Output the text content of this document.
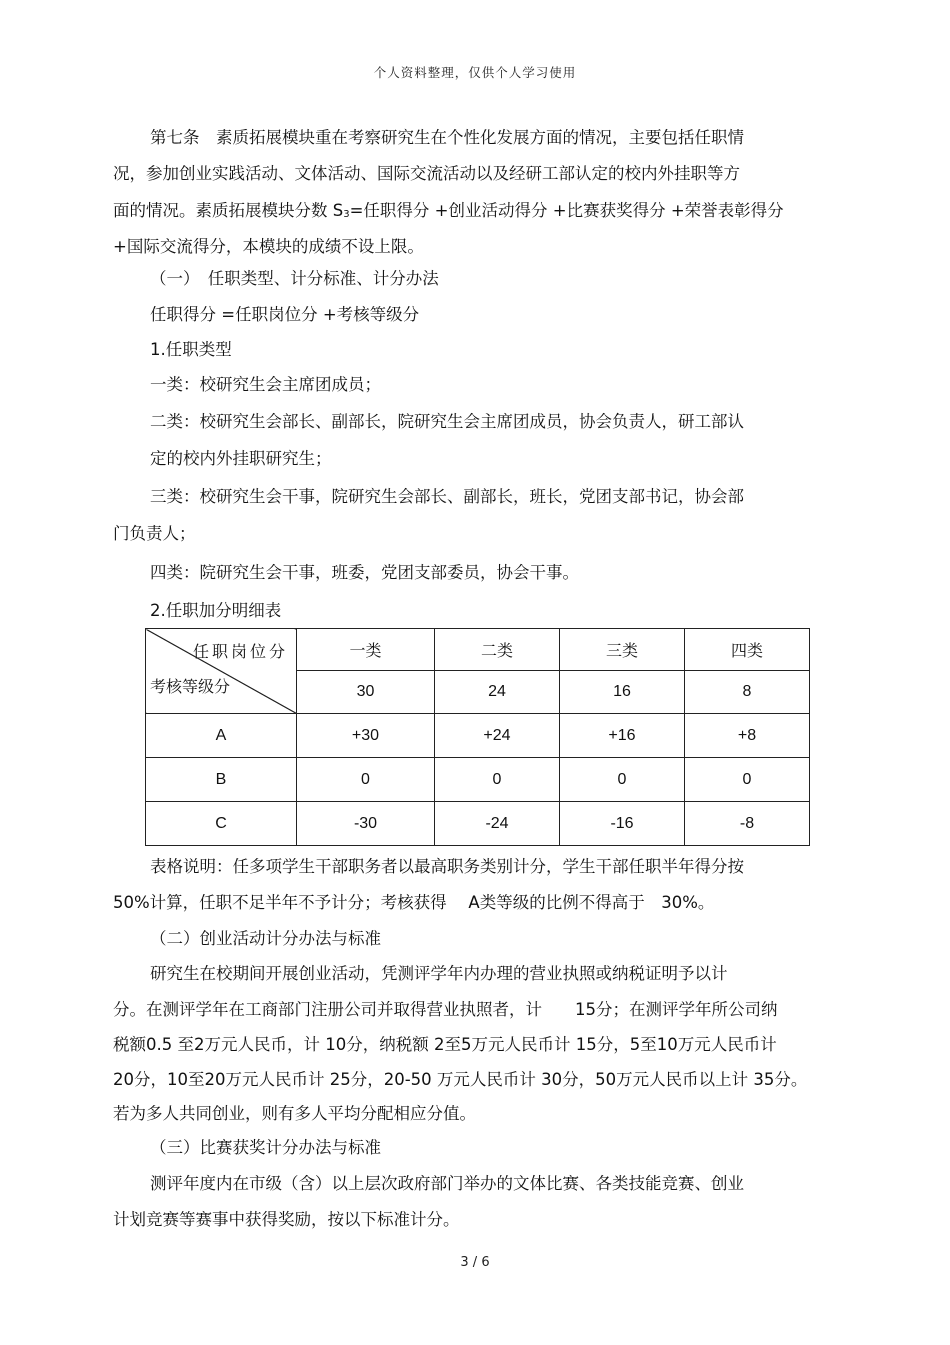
个人资料整理，仅供个人学习使用
第七条　素质拓展模块重在考察研究生在个性化发展方面的情况，主要包括任职情
况，参加创业实践活动、文体活动、国际交流活动以及经研工部认定的校内外挂职等方
面的情况。素质拓展模块分数 $S_3=$任职得分 +创业活动得分 +比赛获奖得分 +荣誉表彰得分
+国际交流得分，本模块的成绩不设上限。
（一）　任职类型、计分标准、计分办法
任职得分 =任职岗位分 +考核等级分
1.任职类型
一类：校研究生会主席团成员；
二类：校研究生会部长、副部长，院研究生会主席团成员，协会负责人，研工部认
定的校内外挂职研究生；
三类：校研究生会干事，院研究生会部长、副部长，班长，党团支部书记，协会部
门负责人；
四类：院研究生会干事，班委，党团支部委员，协会干事。
2.任职加分明细表
任职岗位分
考核等级分	一类	二类	三类	四类
	30	24	16	8
A	+30	+24	+16	+8
B	0	0	0	0
C	-30	-24	-16	-8
表格说明：任多项学生干部职务者以最高职务类别计分，学生干部任职半年得分按
50%计算，任职不足半年不予计分；考核获得　 A类等级的比例不得高于　30%。
（二）创业活动计分办法与标准
研究生在校期间开展创业活动，凭测评学年内办理的营业执照或纳税证明予以计
分。在测评学年在工商部门注册公司并取得营业执照者，计　　15分；在测评学年所公司纳
税额0.5 至2万元人民币，计 10分，纳税额 2至5万元人民币计 15分，5至10万元人民币计
20分，10至20万元人民币计 25分，20-50 万元人民币计 30分，50万元人民币以上计 35分。
若为多人共同创业，则有多人平均分配相应分值。
（三）比赛获奖计分办法与标准
测评年度内在市级（含）以上层次政府部门举办的文体比赛、各类技能竞赛、创业
计划竞赛等赛事中获得奖励，按以下标准计分。
3 / 6
